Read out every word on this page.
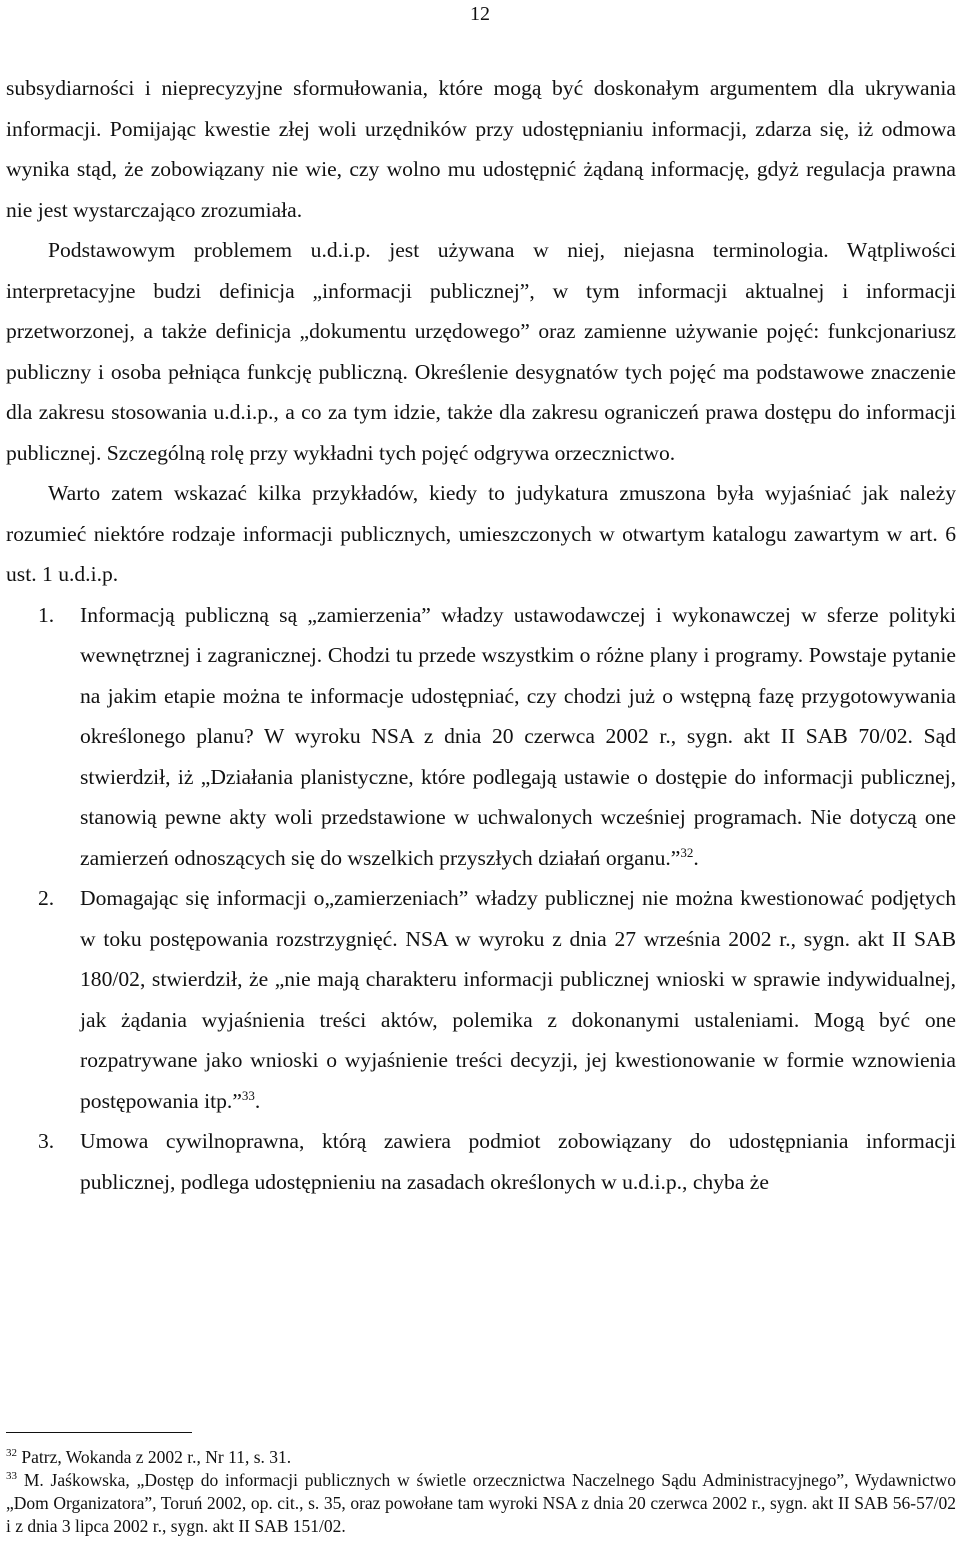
12

subsydiarności i nieprecyzyjne sformułowania, które mogą być doskonałym argumentem dla ukrywania informacji. Pomijając kwestie złej woli urzędników przy udostępnianiu informacji, zdarza się, iż odmowa wynika stąd, że zobowiązany nie wie, czy wolno mu udostępnić żądaną informację, gdyż regulacja prawna nie jest wystarczająco zrozumiała.

Podstawowym problemem u.d.i.p. jest używana w niej, niejasna terminologia. Wątpliwości interpretacyjne budzi definicja „informacji publicznej”, w tym informacji aktualnej i informacji przetworzonej, a także definicja „dokumentu urzędowego” oraz zamienne używanie pojęć: funkcjonariusz publiczny i osoba pełniąca funkcję publiczną. Określenie desygnatów tych pojęć ma podstawowe znaczenie dla zakresu stosowania u.d.i.p., a co za tym idzie, także dla zakresu ograniczeń prawa dostępu do informacji publicznej. Szczególną rolę przy wykładni tych pojęć odgrywa orzecznictwo.

Warto zatem wskazać kilka przykładów, kiedy to judykatura zmuszona była wyjaśniać jak należy rozumieć niektóre rodzaje informacji publicznych, umieszczonych w otwartym katalogu zawartym w art. 6 ust. 1 u.d.i.p.

1. Informacją publiczną są „zamierzenia” władzy ustawodawczej i wykonawczej w sferze polityki wewnętrznej i zagranicznej. Chodzi tu przede wszystkim o różne plany i programy. Powstaje pytanie na jakim etapie można te informacje udostępniać, czy chodzi już o wstępną fazę przygotowywania określonego planu? W wyroku NSA z dnia 20 czerwca 2002 r., sygn. akt II SAB 70/02. Sąd stwierdził, iż „Działania planistyczne, które podlegają ustawie o dostępie do informacji publicznej, stanowią pewne akty woli przedstawione w uchwalonych wcześniej programach. Nie dotyczą one zamierzeń odnoszących się do wszelkich przyszłych działań organu.”$^{32}$.
2. Domagając się informacji o„zamierzeniach” władzy publicznej nie można kwestionować podjętych w toku postępowania rozstrzygnięć. NSA w wyroku z dnia 27 września 2002 r., sygn. akt II SAB 180/02, stwierdził, że „nie mają charakteru informacji publicznej wnioski w sprawie indywidualnej, jak żądania wyjaśnienia treści aktów, polemika z dokonanymi ustaleniami. Mogą być one rozpatrywane jako wnioski o wyjaśnienie treści decyzji, jej kwestionowanie w formie wznowienia postępowania itp.”$^{33}$.
3. Umowa cywilnoprawna, którą zawiera podmiot zobowiązany do udostępniania informacji publicznej, podlega udostępnieniu na zasadach określonych w u.d.i.p., chyba że

$^{32}$ Patrz, Wokanda z 2002 r., Nr 11, s. 31.

$^{33}$ M. Jaśkowska, „Dostęp do informacji publicznych w świetle orzecznictwa Naczelnego Sądu Administracyjnego”, Wydawnictwo „Dom Organizatora”, Toruń 2002, op. cit., s. 35, oraz powołane tam wyroki NSA z dnia 20 czerwca 2002 r., sygn. akt II SAB 56-57/02 i z dnia 3 lipca 2002 r., sygn. akt II SAB 151/02.
